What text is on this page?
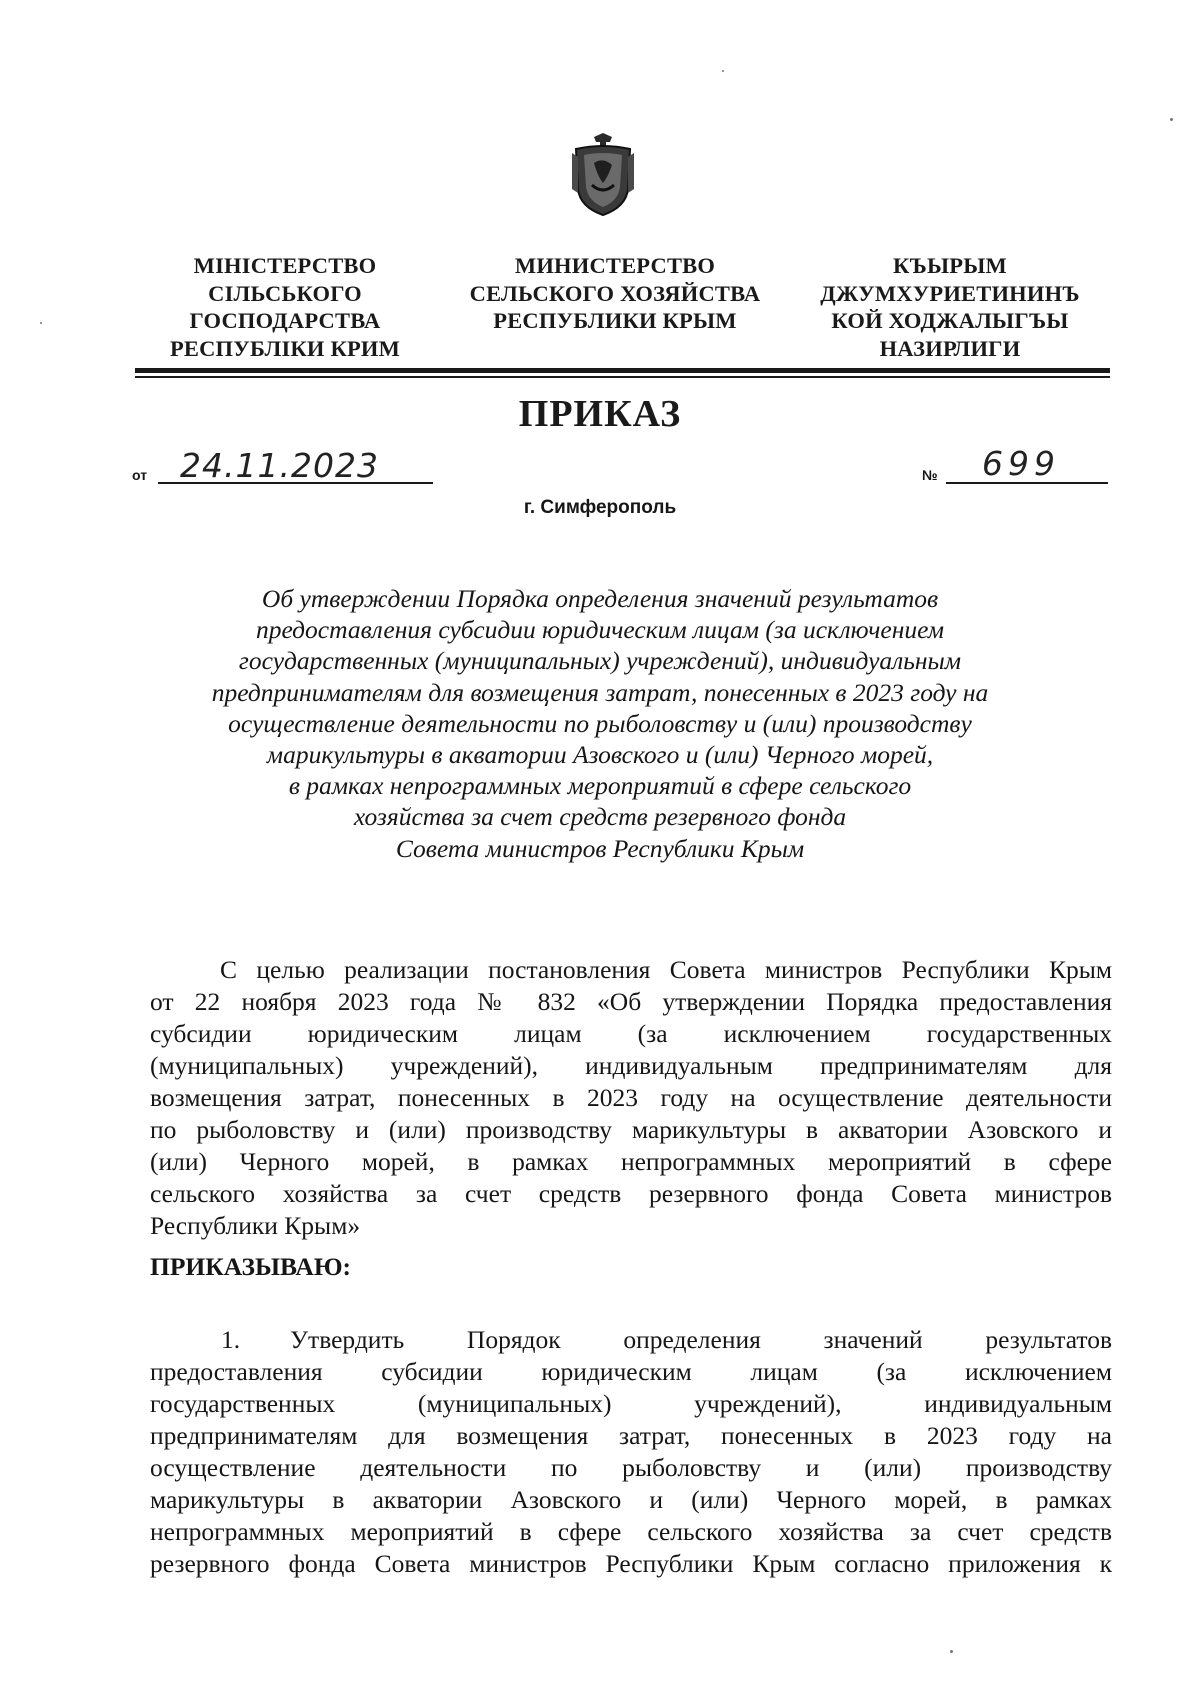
МІНІСТЕРСТВО
СІЛЬСЬКОГО
ГОСПОДАРСТВА
РЕСПУБЛІКИ КРИМ
МИНИСТЕРСТВО
СЕЛЬСКОГО ХОЗЯЙСТВА
РЕСПУБЛИКИ КРЫМ
КЪЫРЫМ
ДЖУМХУРИЕТИНИНЪ
КОЙ ХОДЖАЛЫГЪЫ
НАЗИРЛИГИ
ПРИКАЗ
от 24.11.2023	№ 699
г. Симферополь
Об утверждении Порядка определения значений результатов
предоставления субсидии юридическим лицам (за исключением
государственных (муниципальных) учреждений), индивидуальным
предпринимателям для возмещения затрат, понесенных в 2023 году на
осуществление деятельности по рыболовству и (или) производству
марикультуры в акватории Азовского и (или) Черного морей,
в рамках непрограммных мероприятий в сфере сельского
хозяйства за счет средств резервного фонда
Совета министров Республики Крым
С целью реализации постановления Совета министров Республики Крым
от 22 ноября 2023 года № 832 «Об утверждении Порядка предоставления
субсидии юридическим лицам (за исключением государственных
(муниципальных) учреждений), индивидуальным предпринимателям для
возмещения затрат, понесенных в 2023 году на осуществление деятельности
по рыболовству и (или) производству марикультуры в акватории Азовского и
(или) Черного морей, в рамках непрограммных мероприятий в сфере
сельского хозяйства за счет средств резервного фонда Совета министров
Республики Крым»
ПРИКАЗЫВАЮ:
1. Утвердить Порядок определения значений результатов
предоставления субсидии юридическим лицам (за исключением
государственных (муниципальных) учреждений), индивидуальным
предпринимателям для возмещения затрат, понесенных в 2023 году на
осуществление деятельности по рыболовству и (или) производству
марикультуры в акватории Азовского и (или) Черного морей, в рамках
непрограммных мероприятий в сфере сельского хозяйства за счет средств
резервного фонда Совета министров Республики Крым согласно приложения к
